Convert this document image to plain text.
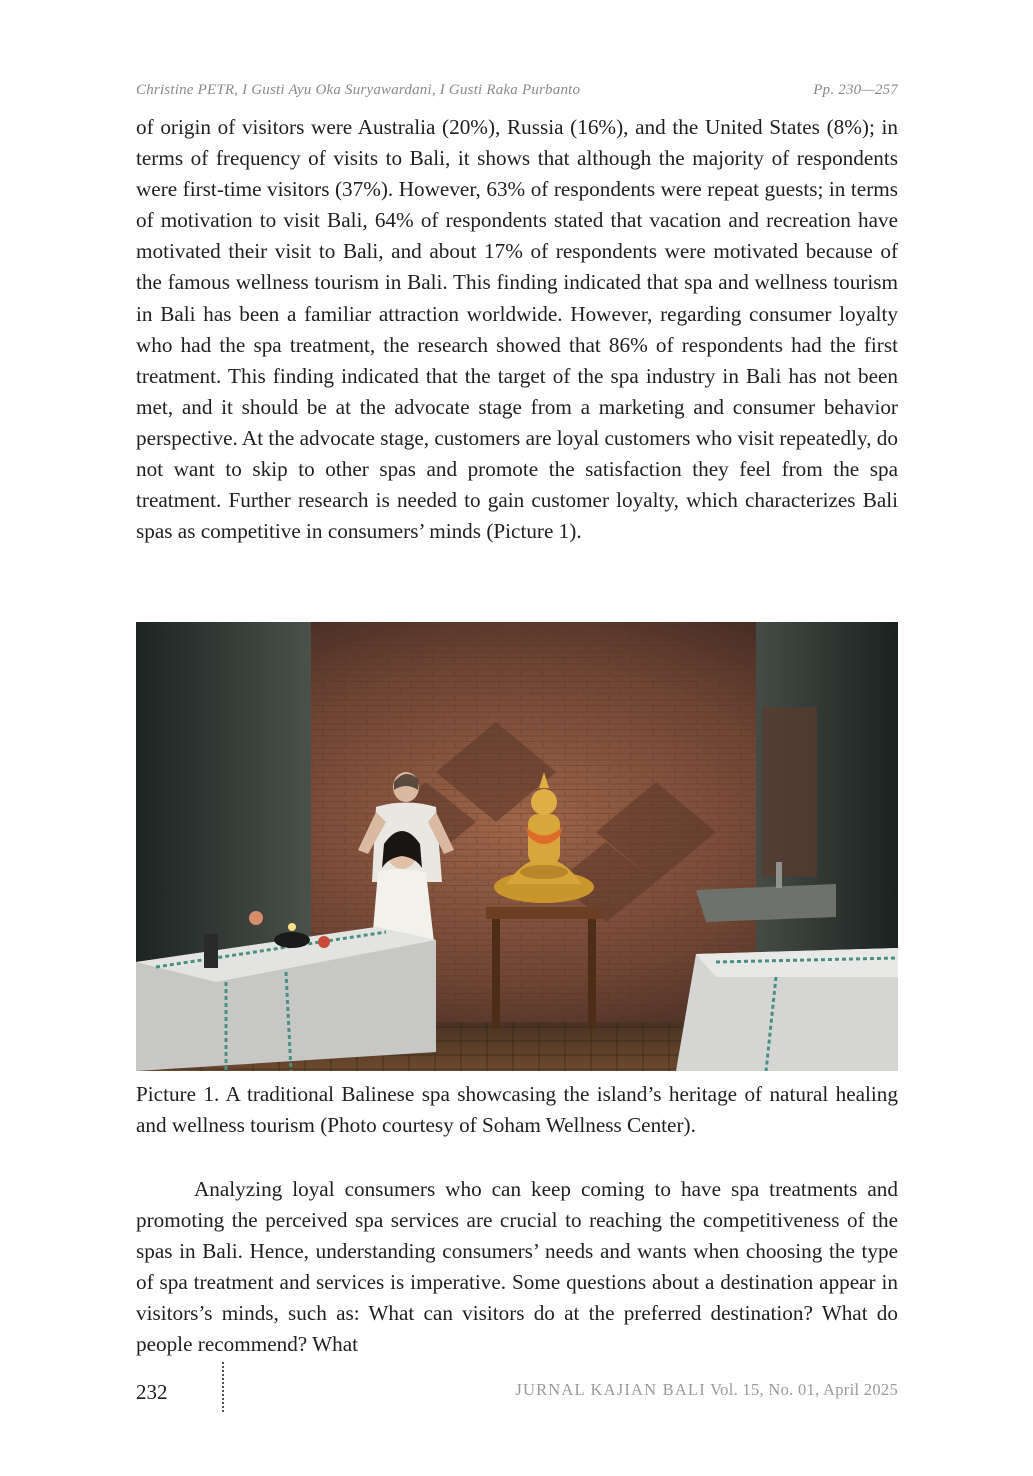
Christine PETR, I Gusti Ayu Oka Suryawardani, I Gusti Raka Purbanto	Pp. 230—257

of origin of visitors were Australia (20%), Russia (16%), and the United States (8%); in terms of frequency of visits to Bali, it shows that although the majority of respondents were first-time visitors (37%). However, 63% of respondents were repeat guests; in terms of motivation to visit Bali, 64% of respondents stated that vacation and recreation have motivated their visit to Bali, and about 17% of respondents were motivated because of the famous wellness tourism in Bali. This finding indicated that spa and wellness tourism in Bali has been a familiar attraction worldwide. However, regarding consumer loyalty who had the spa treatment, the research showed that 86% of respondents had the first treatment. This finding indicated that the target of the spa industry in Bali has not been met, and it should be at the advocate stage from a marketing and consumer behavior perspective. At the advocate stage, customers are loyal customers who visit repeatedly, do not want to skip to other spas and promote the satisfaction they feel from the spa treatment. Further research is needed to gain customer loyalty, which characterizes Bali spas as competitive in consumers’ minds (Picture 1).

Picture 1. A traditional Balinese spa showcasing the island’s heritage of natural healing and wellness tourism (Photo courtesy of Soham Wellness Center).

Analyzing loyal consumers who can keep coming to have spa treatments and promoting the perceived spa services are crucial to reaching the competitiveness of the spas in Bali. Hence, understanding consumers’ needs and wants when choosing the type of spa treatment and services is imperative. Some questions about a destination appear in visitors’s minds, such as: What can visitors do at the preferred destination? What do people recommend? What

232	JURNAL KAJIAN BALI Vol. 15, No. 01, April 2025
